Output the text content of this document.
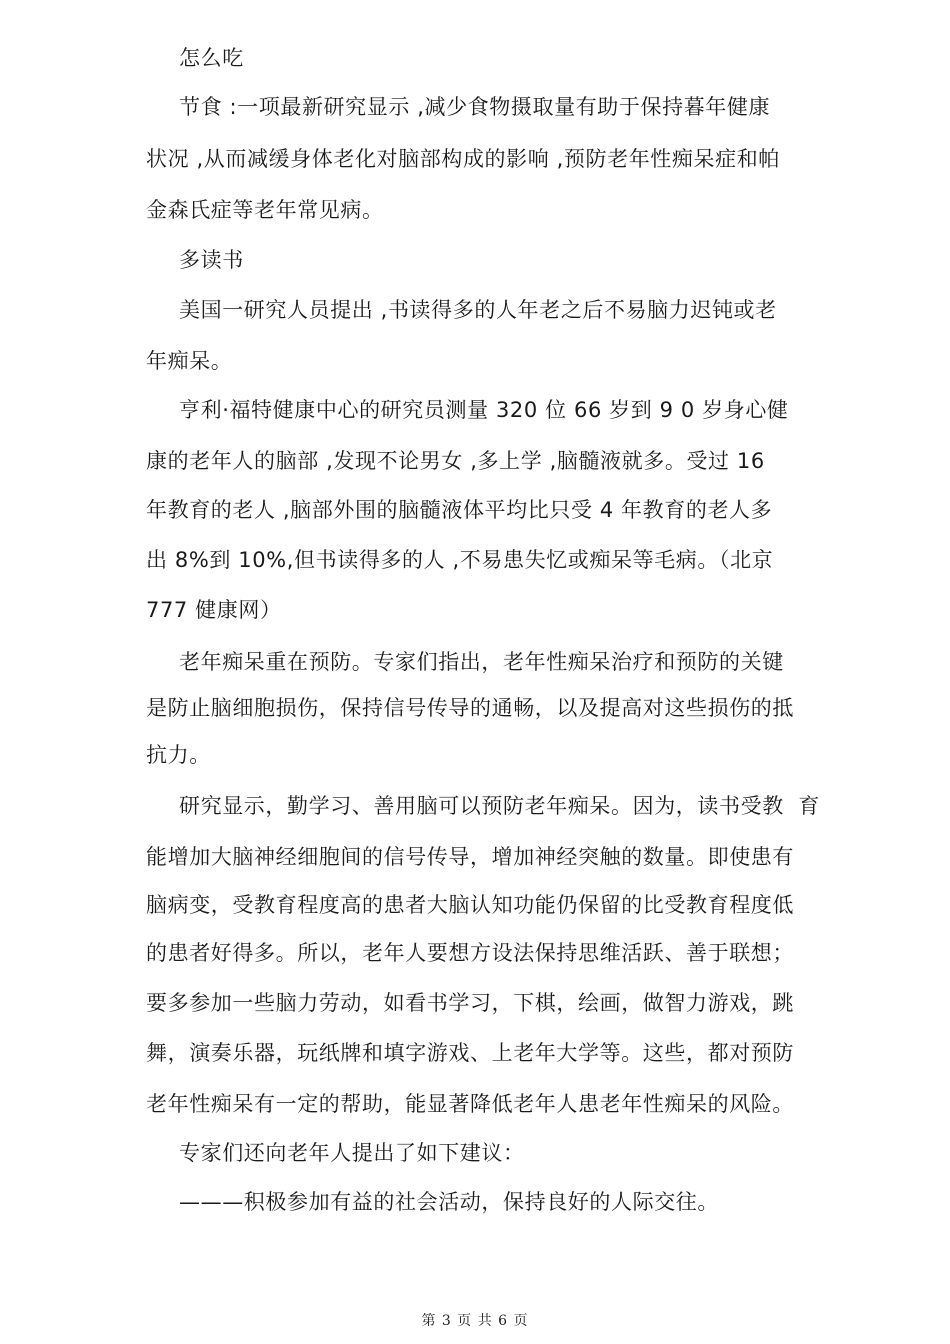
怎么吃

节食 :一项最新研究显示 ,减少食物摄取量有助于保持暮年健康

状况 ,从而减缓身体老化对脑部构成的影响 ,预防老年性痴呆症和帕

金森氏症等老年常见病。

多读书

美国一研究人员提出 ,书读得多的人年老之后不易脑力迟钝或老

年痴呆。

亨利·福特健康中心的研究员测量 320 位 66 岁到 9 0 岁身心健

康的老年人的脑部 ,发现不论男女 ,多上学 ,脑髓液就多。受过 16

年教育的老人 ,脑部外围的脑髓液体平均比只受 4 年教育的老人多

出 8%到 10%,但书读得多的人 ,不易患失忆或痴呆等毛病。（北京

777 健康网）

老年痴呆重在预防。专家们指出，老年性痴呆治疗和预防的关键

是防止脑细胞损伤，保持信号传导的通畅，以及提高对这些损伤的抵

抗力。

研究显示，勤学习、善用脑可以预防老年痴呆。因为，读书受教  育

能增加大脑神经细胞间的信号传导，增加神经突触的数量。即使患有

脑病变，受教育程度高的患者大脑认知功能仍保留的比受教育程度低

的患者好得多。所以，老年人要想方设法保持思维活跃、善于联想；

要多参加一些脑力劳动，如看书学习，下棋，绘画，做智力游戏，跳

舞，演奏乐器，玩纸牌和填字游戏、上老年大学等。这些，都对预防

老年性痴呆有一定的帮助，能显著降低老年人患老年性痴呆的风险。

专家们还向老年人提出了如下建议：

———积极参加有益的社会活动，保持良好的人际交往。

第 3 页 共 6 页
